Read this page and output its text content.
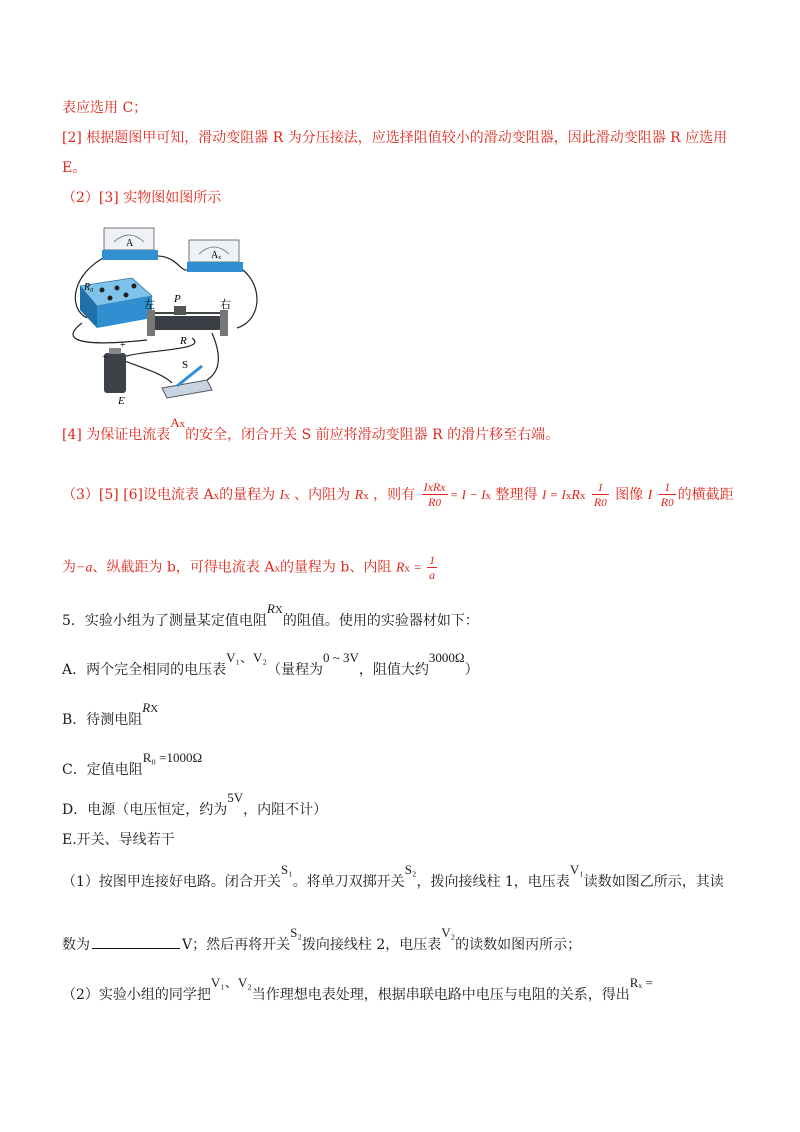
表应选用 C；
[2] 根据题图甲可知，滑动变阻器 R 为分压接法，应选择阻值较小的滑动变阻器，因此滑动变阻器 R 应选用
E。
（2）[3] 实物图如图所示
A
Aₓ
R₀
左 P	右
R
−
+
E
S
[4] 为保证电流表Ax的安全，闭合开关 S 前应将滑动变阻器 R 的滑片移至右端。
（3）[5] [6]设电流表 Ax的量程为 Ix 、内阻为 Rx ，则有 $\frac{\text{IxRx}}{R0} = I - Ix$ 整理得 I = IxRx $\frac{1}{R0}$ 图像 I $\frac{1}{R0}$ 的横截距
为−a、纵截距为 b，可得电流表 Ax的量程为 b、内阻 $Rx = \frac{1}{a}$
5．实验小组为了测量某定值电阻RX的阻值。使用的实验器材如下：
A．两个完全相同的电压表V₁、V₂（量程为0 ~ 3V，阻值大约3000Ω）
B．待测电阻RX
C．定值电阻R₀ =1000Ω
D．电源（电压恒定，约为5V，内阻不计）
E.开关、导线若干
（1）按图甲连接好电路。闭合开关S₁。将单刀双掷开关S₂，拨向接线柱 1，电压表V₁读数如图乙所示，其读
数为	V；然后再将开关S₂拨向接线柱 2，电压表V₂的读数如图丙所示；
（2）实验小组的同学把V₁、V₂当作理想电表处理，根据串联电路中电压与电阻的关系，得出Rₓ =
